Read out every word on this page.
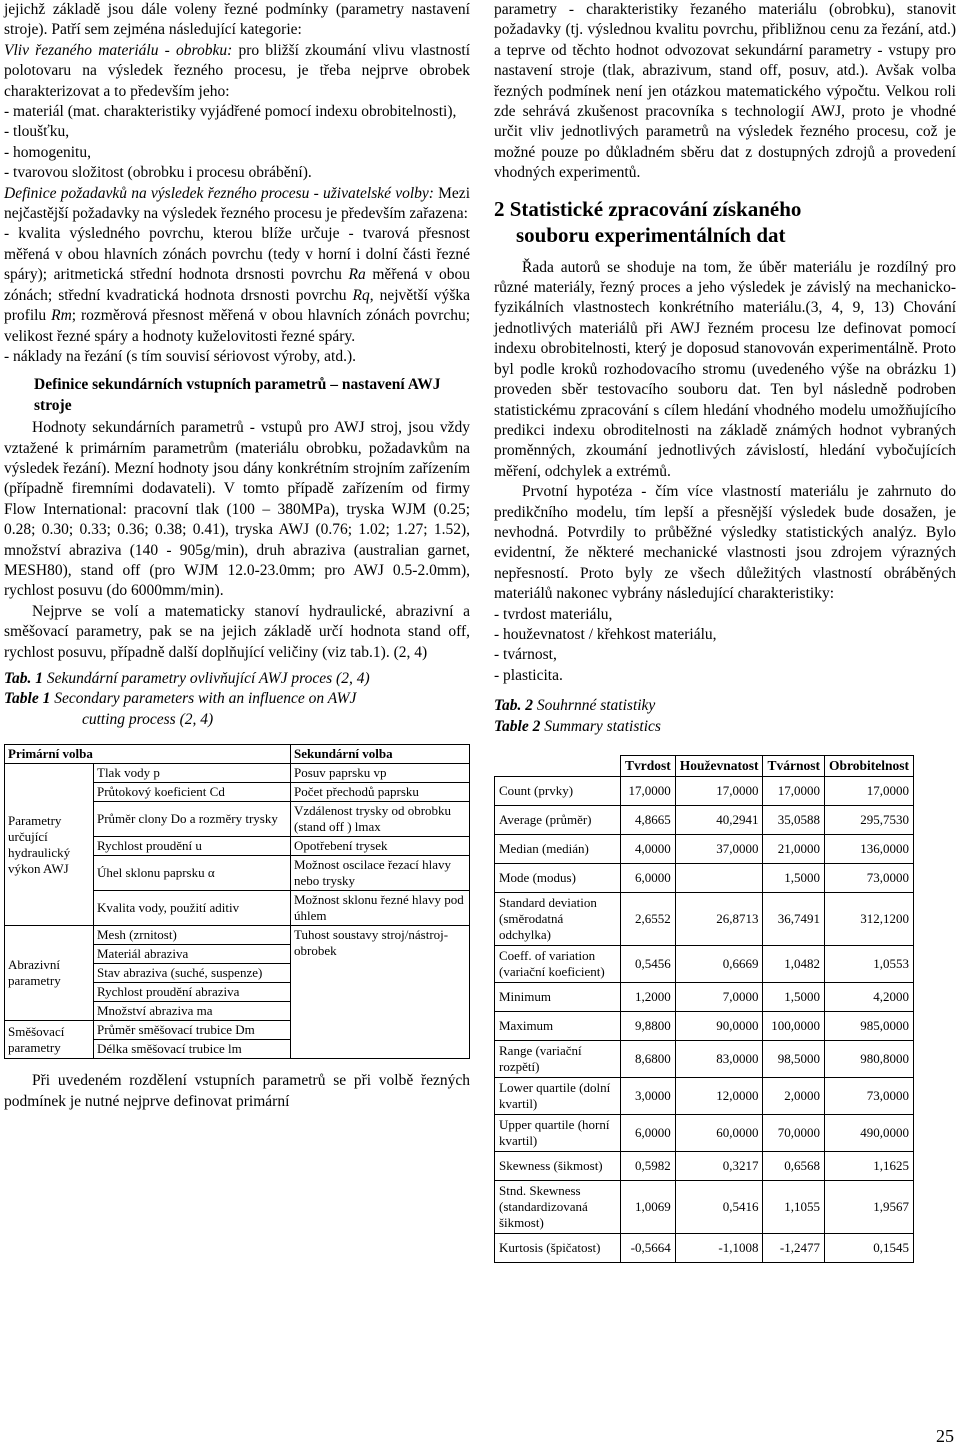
jejichž základě jsou dále voleny řezné podmínky (parametry nastavení stroje). Patří sem zejména následující kategorie:

Vliv řezaného materiálu - obrobku: pro bližší zkoumání vlivu vlastností polotovaru na výsledek řezného procesu, je třeba nejprve obrobek charakterizovat a to především jeho:

- materiál (mat. charakteristiky vyjádřené pomocí indexu obrobitelnosti),
- tloušťku,
- homogenitu,
- tvarovou složitost (obrobku i procesu obrábění).

Definice požadavků na výsledek řezného procesu - uživatelské volby: Mezi nejčastější požadavky na výsledek řezného procesu je především zařazena:

- kvalita výsledného povrchu, kterou blíže určuje - tvarová přesnost měřená v obou hlavních zónách povrchu (tedy v horní i dolní části řezné spáry); aritmetická střední hodnota drsnosti povrchu Ra měřená v obou zónách; střední kvadratická hodnota drsnosti povrchu Rq, největší výška profilu Rm; rozměrová přesnost měřená v obou hlavních zónách povrchu; velikost řezné spáry a hodnoty kuželovitosti řezné spáry.

- náklady na řezání (s tím souvisí sériovost výroby, atd.).

Definice sekundárních vstupních parametrů – nastavení AWJ stroje

Hodnoty sekundárních parametrů - vstupů pro AWJ stroj, jsou vždy vztažené k primárním parametrům (materiálu obrobku, požadavkům na výsledek řezání). Mezní hodnoty jsou dány konkrétním strojním zařízením (případně firemními dodavateli). V tomto případě zařízením od firmy Flow International: pracovní tlak (100 – 380MPa), tryska WJM (0.25; 0.28; 0.30; 0.33; 0.36; 0.38; 0.41), tryska AWJ (0.76; 1.02; 1.27; 1.52), množství abraziva (140 - 905g/min), druh abraziva (australian garnet, MESH80), stand off (pro WJM 12.0-23.0mm; pro AWJ 0.5-2.0mm), rychlost posuvu (do 6000mm/min).

Nejprve se volí a matematicky stanoví hydraulické, abrazivní a směšovací parametry, pak se na jejich základě určí hodnota stand off, rychlost posuvu, případně další doplňující veličiny (viz tab.1). (2, 4)

Tab. 1 Sekundární parametry ovlivňující AWJ proces (2, 4)
Table 1 Secondary parameters with an influence on AWJ
cutting process (2, 4)
Primární volba		Sekundární volba
Parametry určující hydraulický výkon AWJ	Tlak vody p	Posuv paprsku vp
	Průtokový koeficient Cd	Počet přechodů paprsku
	Průměr clony Do a rozměry trysky	Vzdálenost trysky od obrobku (stand off ) lmax
	Rychlost proudění u	Opotřebení trysek
	Úhel sklonu paprsku α	Možnost oscilace řezací hlavy nebo trysky
	Kvalita vody, použití aditiv	Možnost sklonu řezné hlavy pod úhlem
Abrazivní parametry	Mesh (zrnitost)	Tuhost soustavy stroj/nástroj-obrobek
	Materiál abraziva	
	Stav abraziva (suché, suspenze)	
	Rychlost proudění abraziva	
	Množství abraziva ma	
Směšovací parametry	Průměr směšovací trubice Dm	
	Délka směšovací trubice lm	

Při uvedeném rozdělení vstupních parametrů se při volbě řezných podmínek je nutné nejprve definovat primární

parametry - charakteristiky řezaného materiálu (obrobku), stanovit požadavky (tj. výslednou kvalitu povrchu, přibližnou cenu za řezání, atd.) a teprve od těchto hodnot odvozovat sekundární parametry - vstupy pro nastavení stroje (tlak, abrazivum, stand off, posuv, atd.). Avšak volba řezných podmínek není jen otázkou matematického výpočtu. Velkou roli zde sehrává zkušenost pracovníka s technologií AWJ, proto je vhodné určit vliv jednotlivých parametrů na výsledek řezného procesu, což je možné pouze po důkladném sběru dat z dostupných zdrojů a provedení vhodných experimentů.

2 Statistické zpracování získaného
souboru experimentálních dat

Řada autorů se shoduje na tom, že úběr materiálu je rozdílný pro různé materiály, řezný proces a jeho výsledek je závislý na mechanicko-fyzikálních vlastnostech konkrétního materiálu.(3, 4, 9, 13) Chování jednotlivých materiálů při AWJ řezném procesu lze definovat pomocí indexu obrobitelnosti, který je doposud stanovován experimentálně. Proto byl podle kroků rozhodovacího stromu (uvedeného výše na obrázku 1) proveden sběr testovacího souboru dat. Ten byl následně podroben statistickému zpracování s cílem hledání vhodného modelu umožňujícího predikci indexu obroditelnosti na základě známých hodnot vybraných proměnných, zkoumání jednotlivých závislostí, hledání vybočujících měření, odchylek a extrémů.

Prvotní hypotéza - čím více vlastností materiálu je zahrnuto do predikčního modelu, tím lepší a přesnější výsledek bude dosažen, je nevhodná. Potvrdily to průběžné výsledky statistických analýz. Bylo evidentní, že některé mechanické vlastnosti jsou zdrojem výrazných nepřesností. Proto byly ze všech důležitých vlastností obráběných materiálů nakonec vybrány následující charakteristiky:

- tvrdost materiálu,
- houževnatost / křehkost materiálu,
- tvárnost,
- plasticita.
Tab. 2 Souhrnné statistiky
Table 2 Summary statistics
	Tvrdost	Houževnatost	Tvárnost	Obrobitelnost
Count (prvky)	17,0000	17,0000	17,0000	17,0000
Average (průměr)	4,8665	40,2941	35,0588	295,7530
Median (medián)	4,0000	37,0000	21,0000	136,0000
Mode (modus)	6,0000		1,5000	73,0000
Standard deviation (směrodatná odchylka)	2,6552	26,8713	36,7491	312,1200
Coeff. of variation (variační koeficient)	0,5456	0,6669	1,0482	1,0553
Minimum	1,2000	7,0000	1,5000	4,2000
Maximum	9,8800	90,0000	100,0000	985,0000
Range (variační rozpětí)	8,6800	83,0000	98,5000	980,8000
Lower quartile (dolní kvartil)	3,0000	12,0000	2,0000	73,0000
Upper quartile (horní kvartil)	6,0000	60,0000	70,0000	490,0000
Skewness (šikmost)	0,5982	0,3217	0,6568	1,1625
Stnd. Skewness (standardizovaná šikmost)	1,0069	0,5416	1,1055	1,9567
Kurtosis (špičatost)	-0,5664	-1,1008	-1,2477	0,1545
25
